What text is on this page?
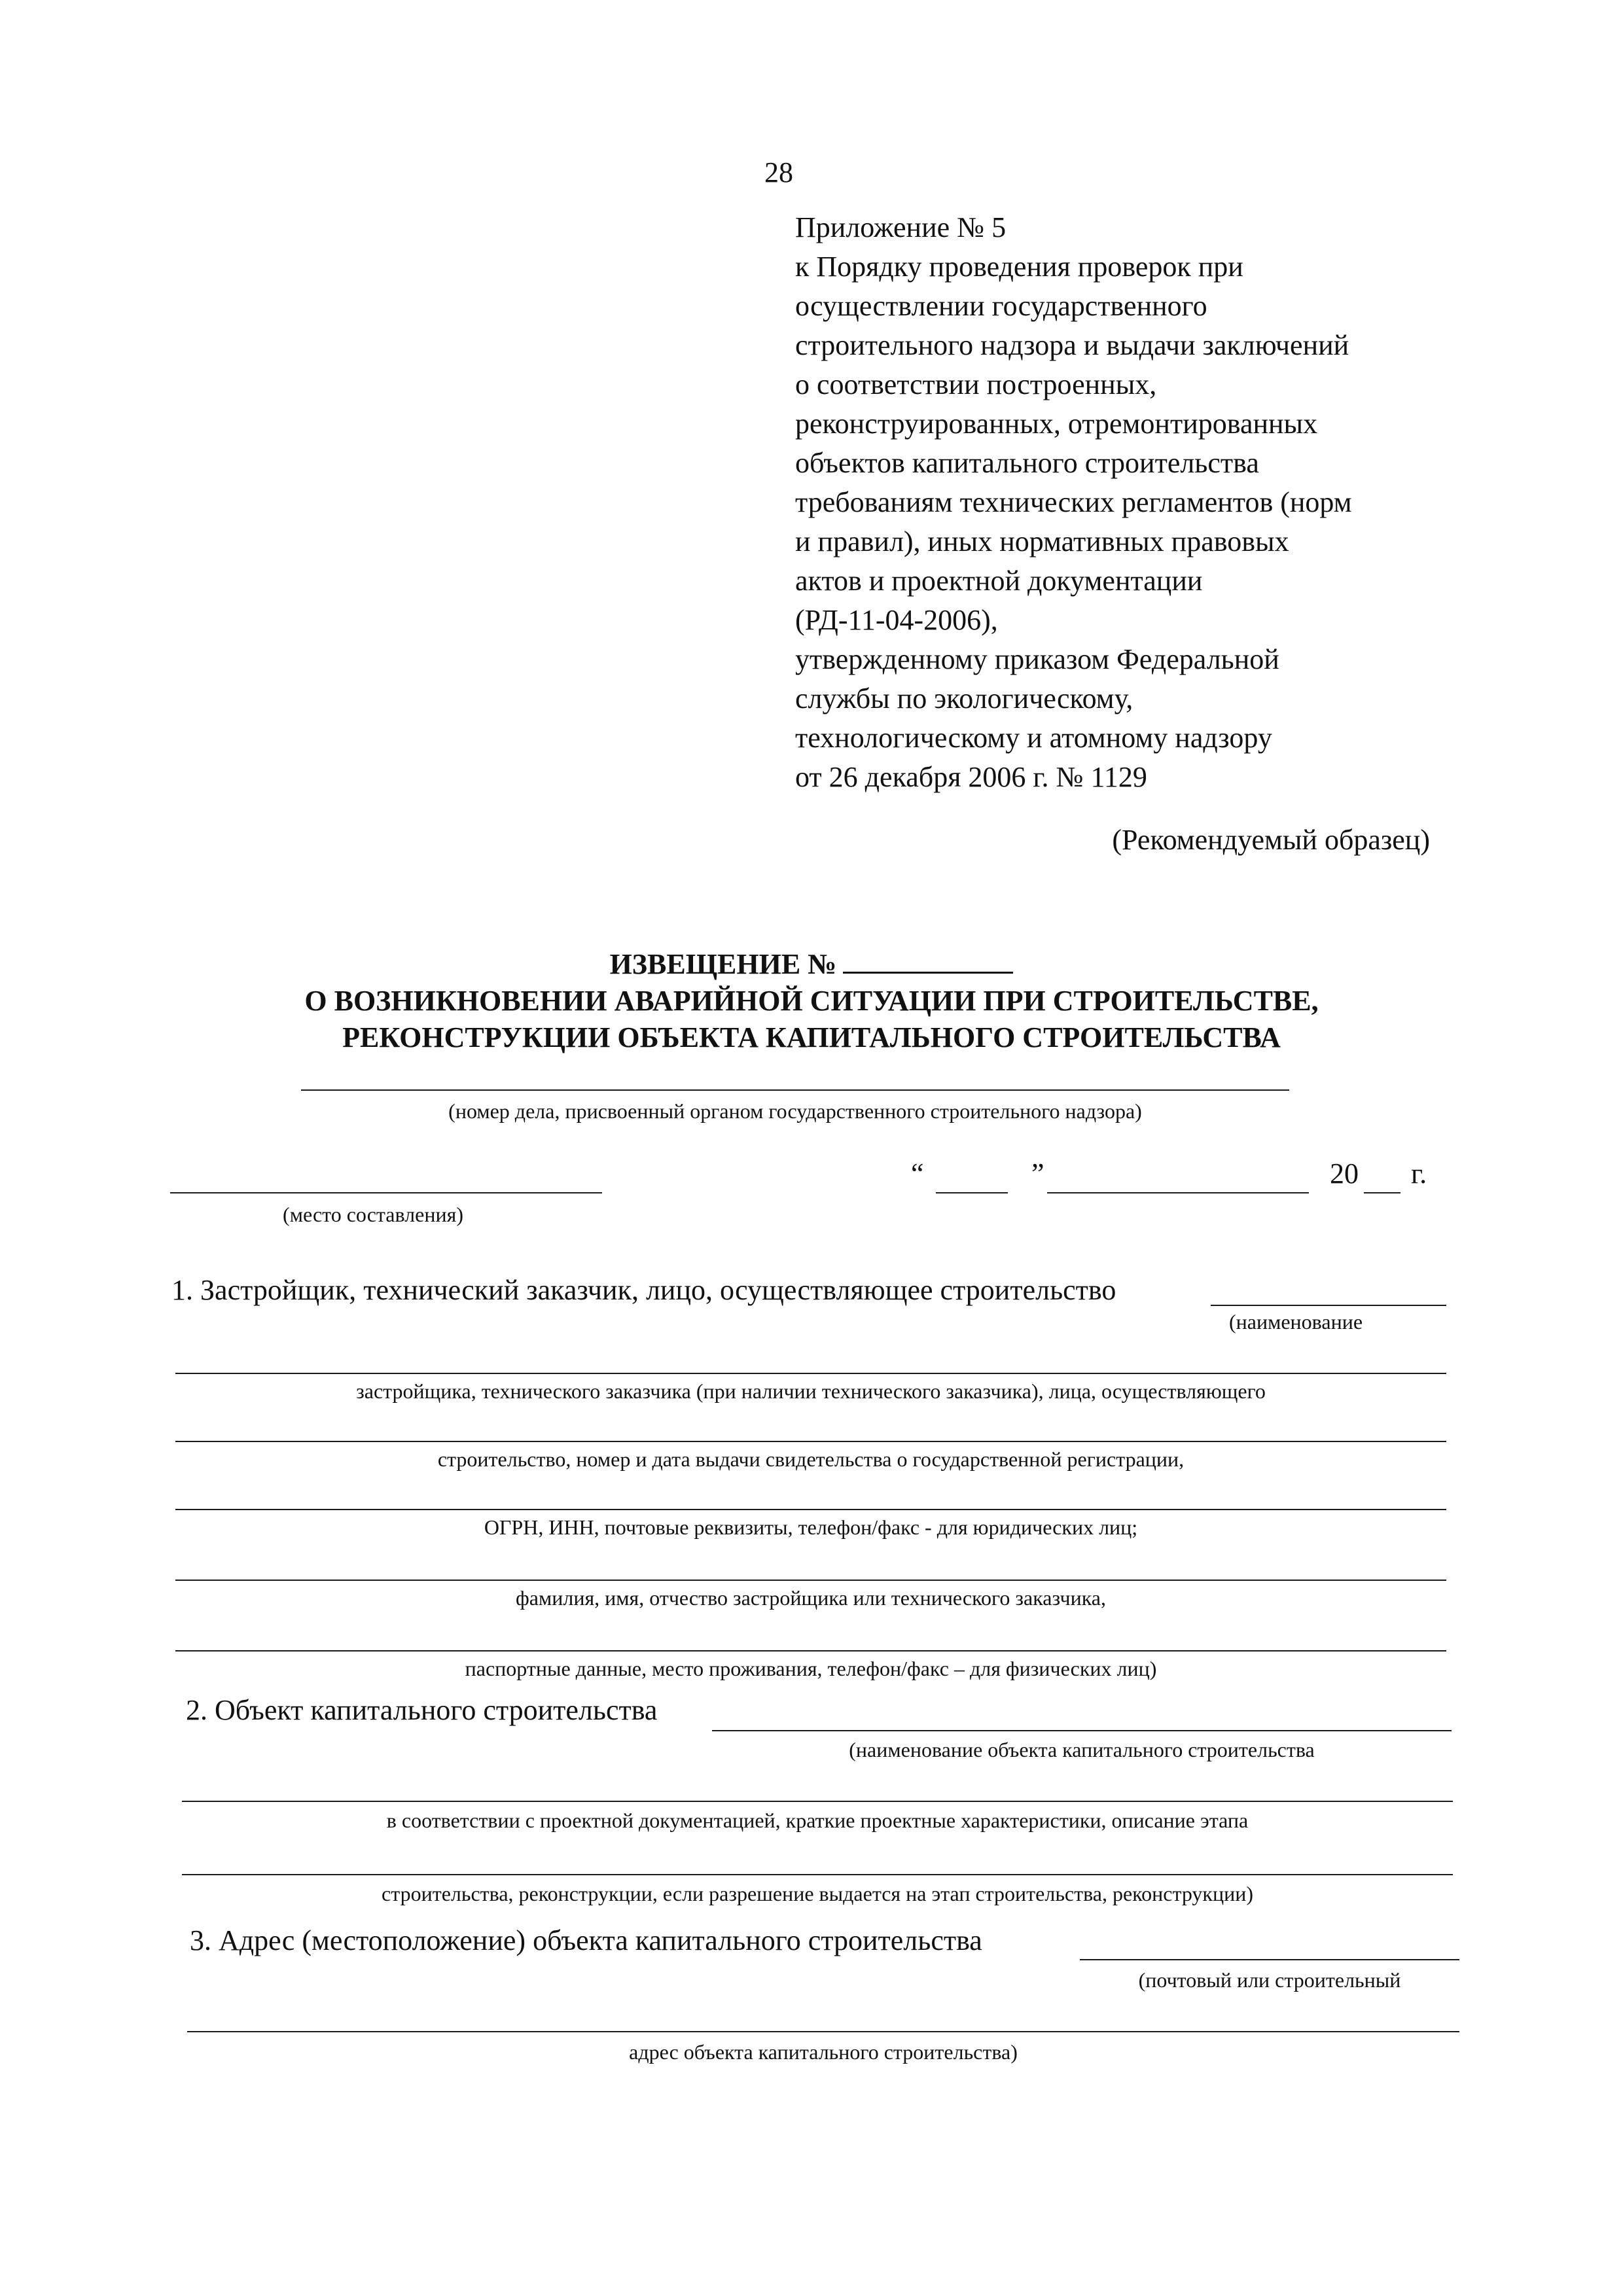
28
Приложение № 5
к Порядку проведения проверок при
осуществлении государственного
строительного надзора и выдачи заключений
о соответствии построенных,
реконструированных, отремонтированных
объектов капитального строительства
требованиям технических регламентов (норм
и правил), иных нормативных правовых
актов и проектной документации
(РД-11-04-2006),
утвержденному приказом Федеральной
службы по экологическому,
технологическому и атомному надзору
от 26 декабря 2006 г. № 1129
(Рекомендуемый образец)
ИЗВЕЩЕНИЕ №
О ВОЗНИКНОВЕНИИ АВАРИЙНОЙ СИТУАЦИИ ПРИ СТРОИТЕЛЬСТВЕ,
РЕКОНСТРУКЦИИ ОБЪЕКТА КАПИТАЛЬНОГО СТРОИТЕЛЬСТВА
(номер дела, присвоенный органом государственного строительного надзора)
(место составления)
“	”	20 г.
1. Застройщик, технический заказчик, лицо, осуществляющее строительство
(наименование
застройщика, технического заказчика (при наличии технического заказчика), лица, осуществляющего
строительство, номер и дата выдачи свидетельства о государственной регистрации,
ОГРН, ИНН, почтовые реквизиты, телефон/факс - для юридических лиц;
фамилия, имя, отчество застройщика или технического заказчика,
паспортные данные, место проживания, телефон/факс – для физических лиц)
2. Объект капитального строительства
(наименование объекта капитального строительства
в соответствии с проектной документацией, краткие проектные характеристики, описание этапа
строительства, реконструкции, если разрешение выдается на этап строительства, реконструкции)
3. Адрес (местоположение) объекта капитального строительства
(почтовый или строительный
адрес объекта капитального строительства)
